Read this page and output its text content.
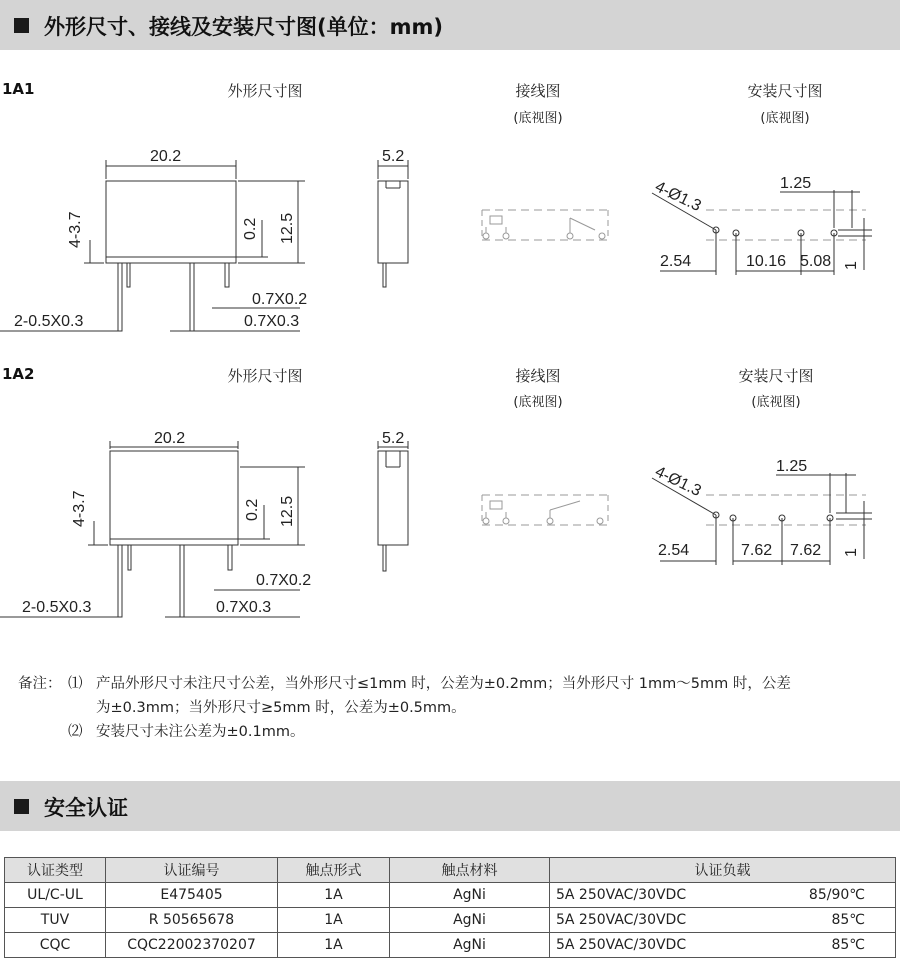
外形尺寸、接线及安装尺寸图(单位：mm)
1A1	外形尺寸图	接线图
(底视图)
安装尺寸图
(底视图)
1A2	外形尺寸图	接线图
(底视图)
安装尺寸图
(底视图)
20.2	5.2
12.5
0.2
4-3.7
0.7X0.2
0.7X0.3
2-0.5X0.3
4-Ø1.3	1.25
2.54	10.16 5.08 1
20.2	5.2
12.5
0.2
4-3.7
0.7X0.2
0.7X0.3
2-0.5X0.3
4-Ø1.3	1.25
2.54	7.62 7.62 1
备注： ⑴ 产品外形尺寸未注尺寸公差，当外形尺寸≤1mm 时，公差为±0.2mm；当外形尺寸 1mm～5mm 时，公差
为±0.3mm；当外形尺寸≥5mm 时，公差为±0.5mm。
⑵ 安装尺寸未注公差为±0.1mm。
安全认证
认证类型	认证编号	触点形式	触点材料	认证负载
UL/C-UL	E475405	1A	AgNi	5A 250VAC/30VDC 85/90℃

TUV	R 50565678	1A	AgNi	5A 250VAC/30VDC 85℃

CQC	CQC22002370207	1A	AgNi	5A 250VAC/30VDC 85℃
